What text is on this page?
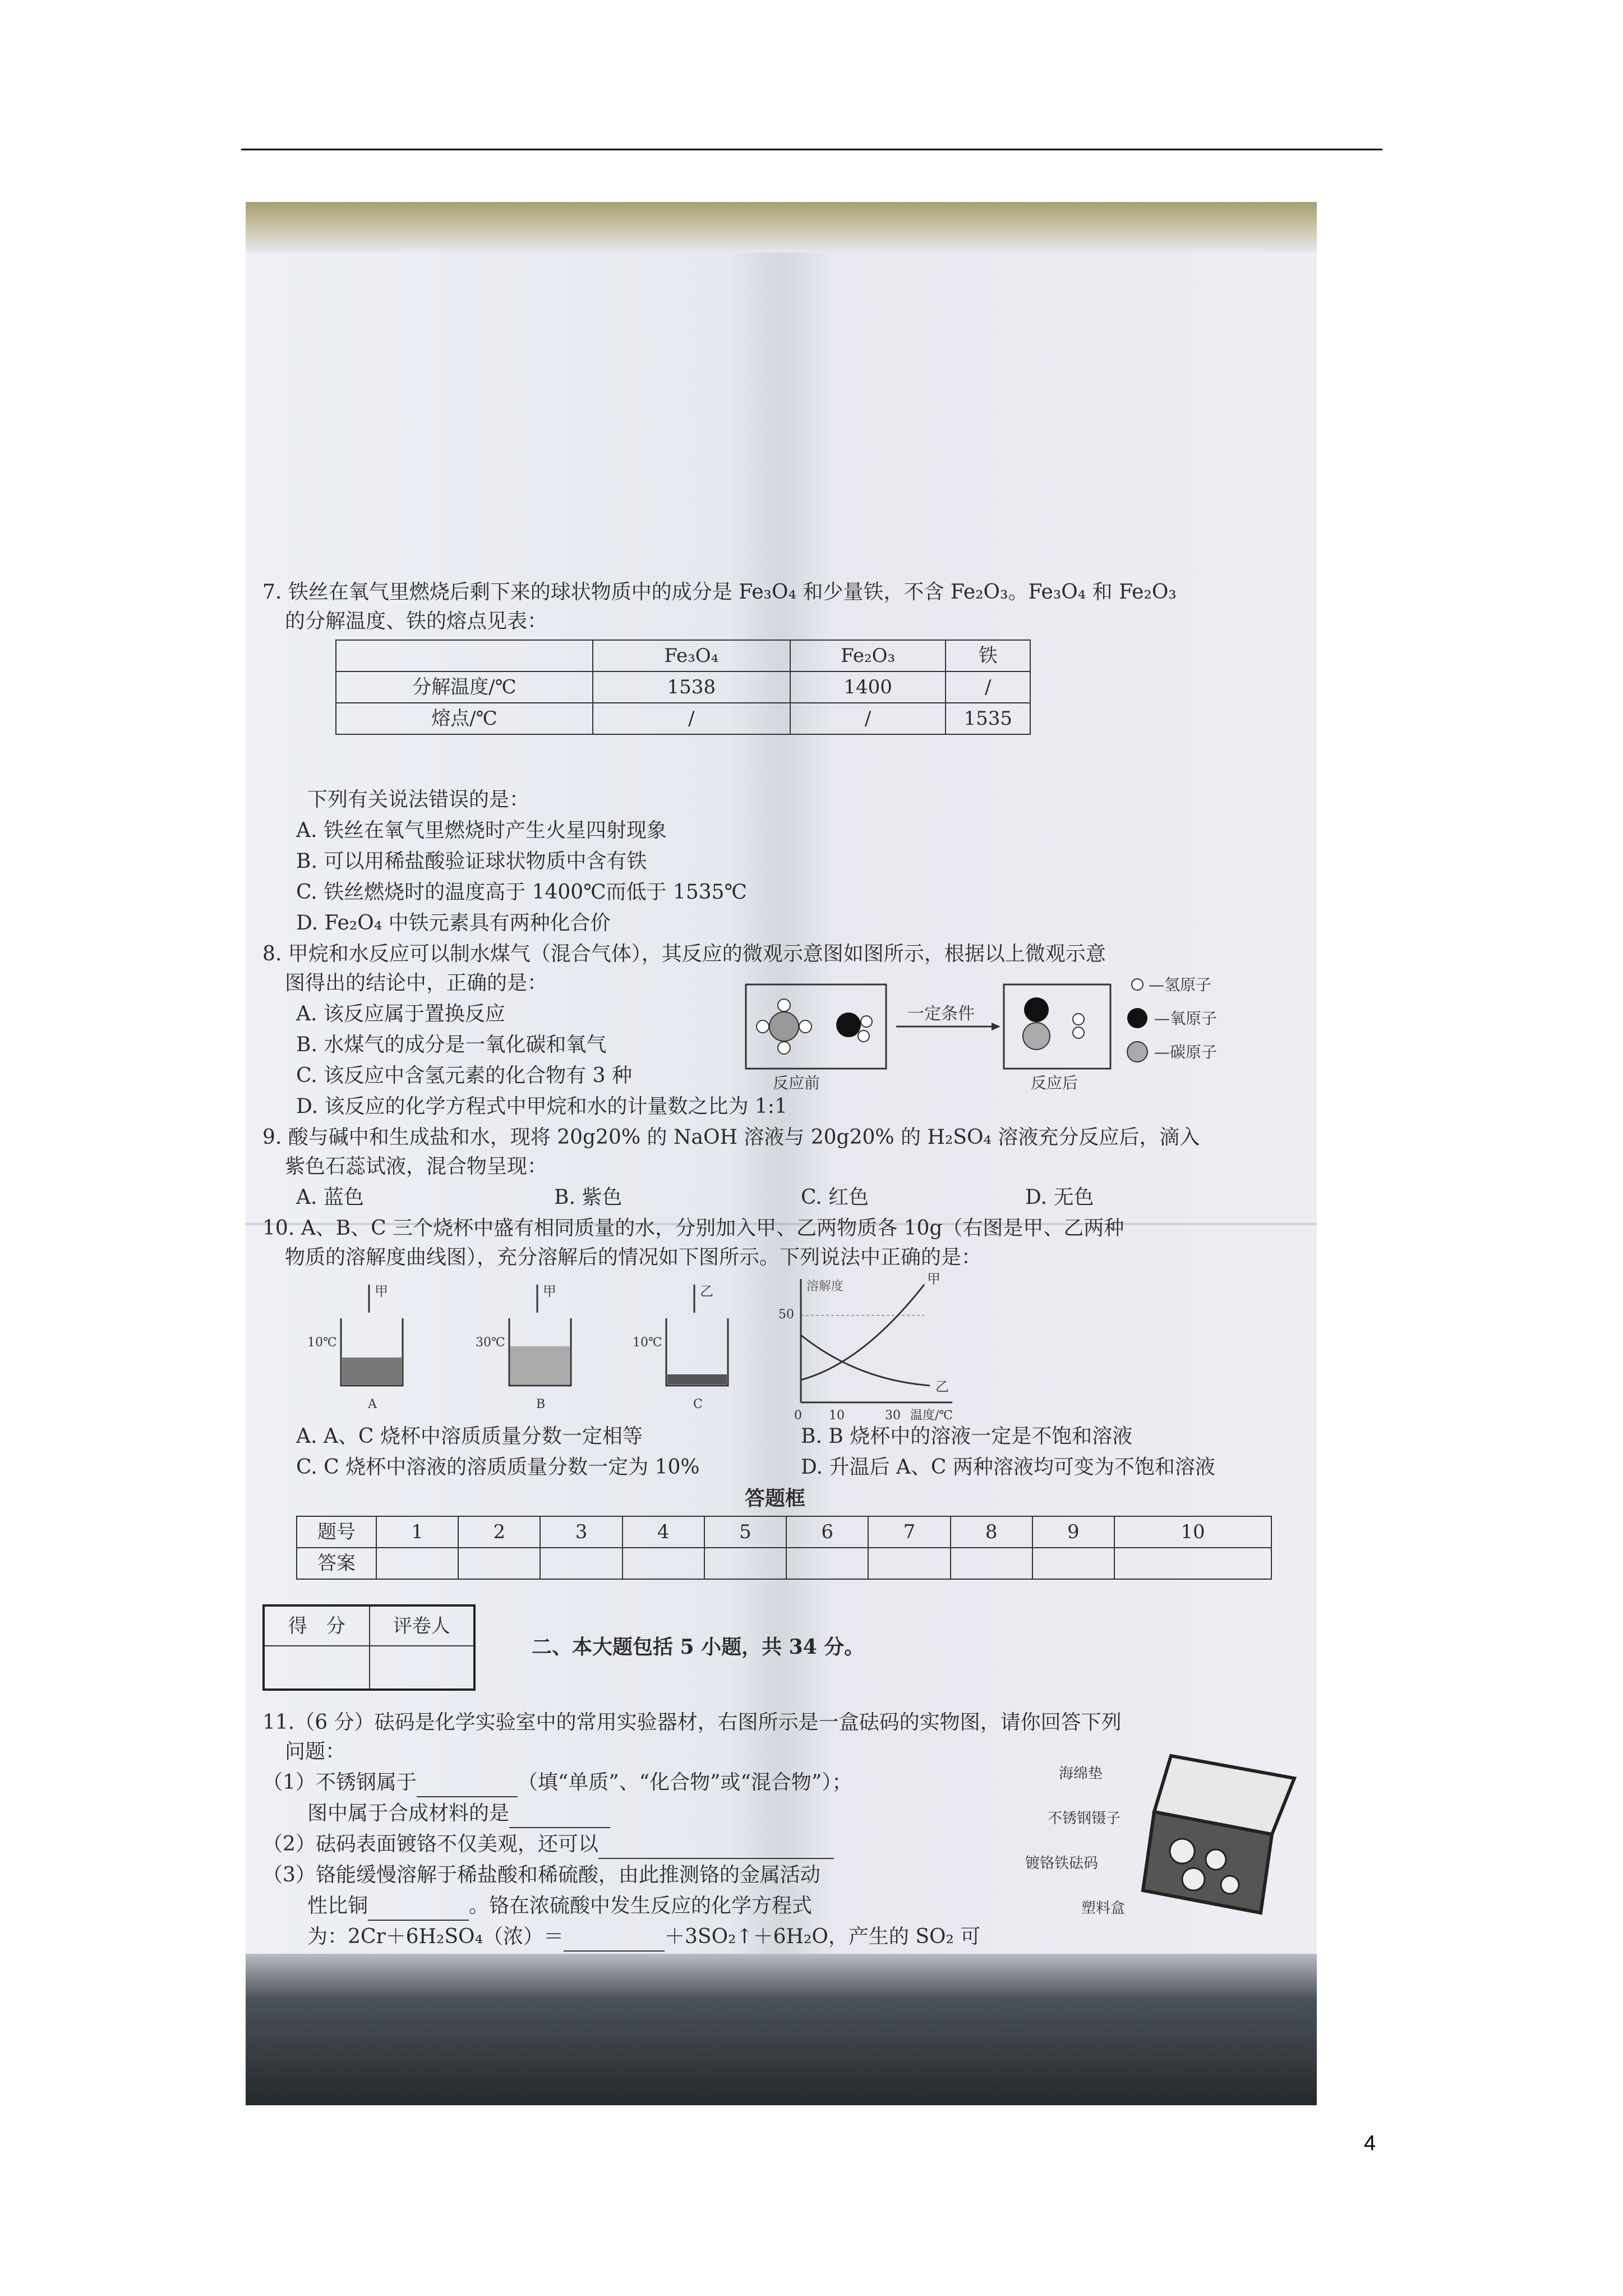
7. 铁丝在氧气里燃烧后剩下来的球状物质中的成分是 Fe₃O₄ 和少量铁，不含 Fe₂O₃。Fe₃O₄ 和 Fe₂O₃
的分解温度、铁的熔点见表：
	Fe₃O₄	Fe₂O₃	铁
分解温度/℃	1538	1400	/
熔点/℃	/	/	1535
下列有关说法错误的是：
A. 铁丝在氧气里燃烧时产生火星四射现象
B. 可以用稀盐酸验证球状物质中含有铁
C. 铁丝燃烧时的温度高于 1400℃而低于 1535℃
D. Fe₂O₄ 中铁元素具有两种化合价
8. 甲烷和水反应可以制水煤气（混合气体），其反应的微观示意图如图所示，根据以上微观示意
图得出的结论中，正确的是：
A. 该反应属于置换反应
B. 水煤气的成分是一氧化碳和氧气
C. 该反应中含氢元素的化合物有 3 种
D. 该反应的化学方程式中甲烷和水的计量数之比为 1:1
一定条件
反应前	反应后
—氢原子
—氧原子
—碳原子
9. 酸与碱中和生成盐和水，现将 20g20% 的 NaOH 溶液与 20g20% 的 H₂SO₄ 溶液充分反应后，滴入
紫色石蕊试液，混合物呈现：
A. 蓝色	B. 紫色	C. 红色	D. 无色
10. A、B、C 三个烧杯中盛有相同质量的水，分别加入甲、乙两物质各 10g（右图是甲、乙两种
物质的溶解度曲线图），充分溶解后的情况如下图所示。下列说法中正确的是：
甲
10℃
A
甲
30℃
B
乙
10℃
C
溶解度
50
甲
乙
0 10	30 温度/℃
A. A、C 烧杯中溶质质量分数一定相等	B. B 烧杯中的溶液一定是不饱和溶液
C. C 烧杯中溶液的溶质质量分数一定为 10%	D. 升温后 A、C 两种溶液均可变为不饱和溶液
答题框
题号	1	2	3	4	5	6	7	8	9	10
答案										
得　分	评卷人

二、本大题包括 5 小题，共 34 分。
11.（6 分）砝码是化学实验室中的常用实验器材，右图所示是一盒砝码的实物图，请你回答下列
问题：
（1）不锈钢属于	（填“单质”、“化合物”或“混合物”）；
图中属于合成材料的是
（2）砝码表面镀铬不仅美观，还可以
（3）铬能缓慢溶解于稀盐酸和稀硫酸，由此推测铬的金属活动
性比铜	。铬在浓硫酸中发生反应的化学方程式
为：2Cr＋6H₂SO₄（浓）＝	＋3SO₂↑＋6H₂O，产生的 SO₂ 可
海绵垫
不锈钢镊子
镀铬铁砝码
塑料盒
4
